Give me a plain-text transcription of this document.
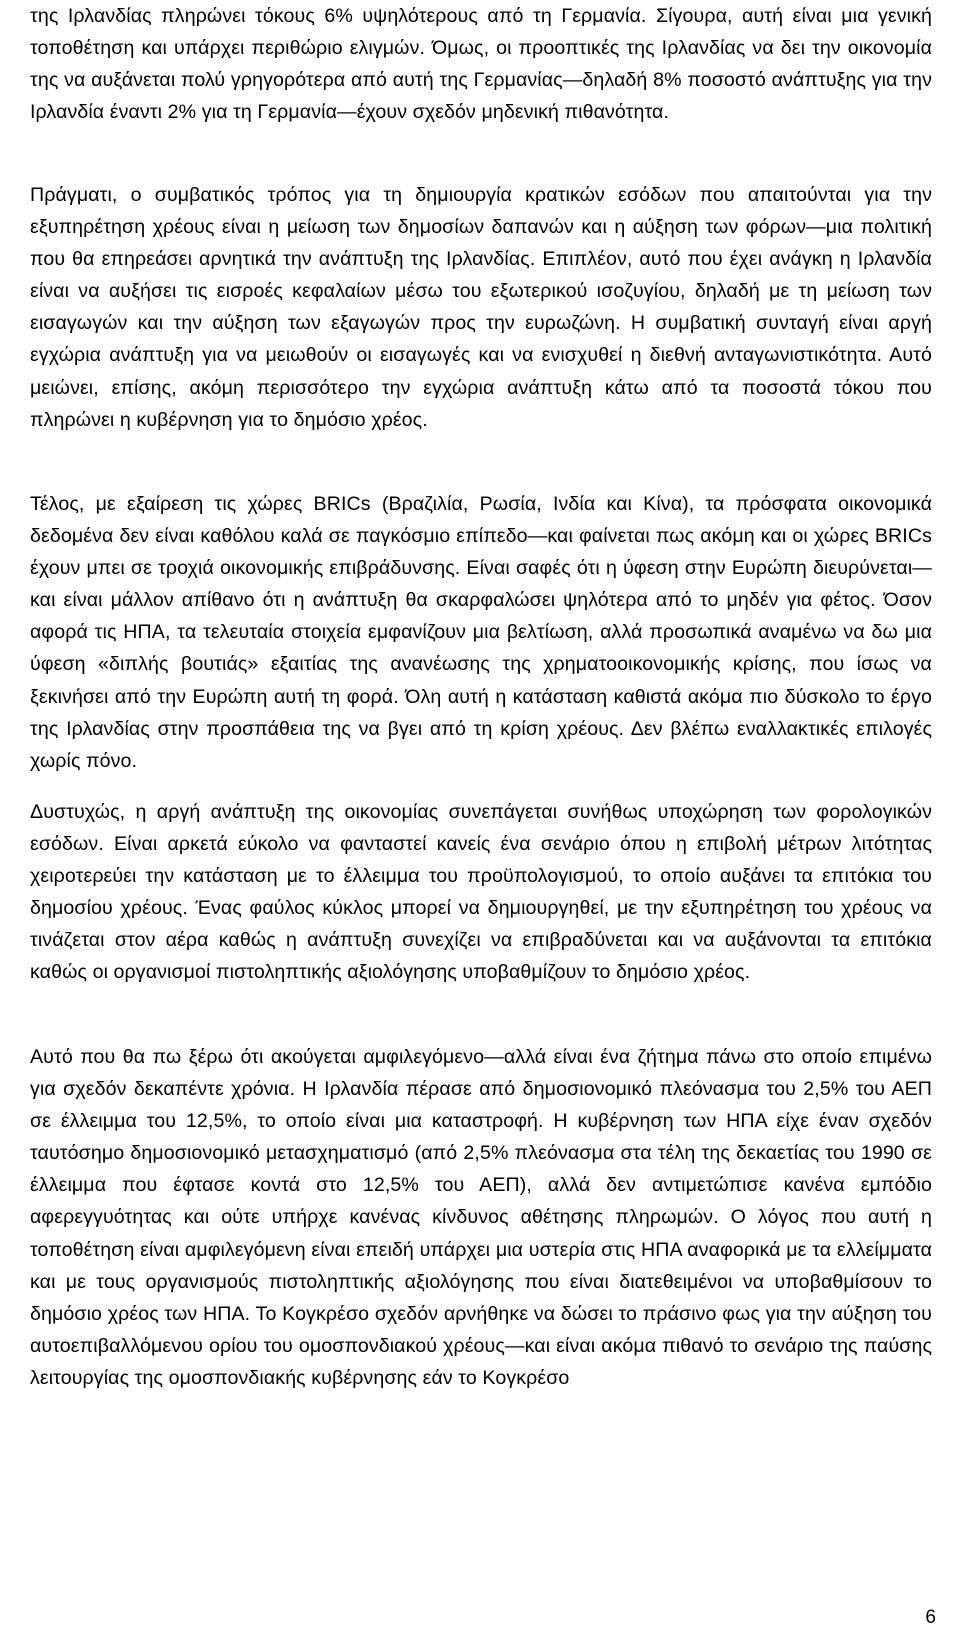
της Ιρλανδίας πληρώνει τόκους 6% υψηλότερους από τη Γερμανία. Σίγουρα, αυτή είναι μια γενική τοποθέτηση και υπάρχει περιθώριο ελιγμών. Όμως, οι προοπτικές της Ιρλανδίας να δει την οικονομία της να αυξάνεται πολύ γρηγορότερα από αυτή της Γερμανίας—δηλαδή 8% ποσοστό ανάπτυξης για την Ιρλανδία έναντι 2% για τη Γερμανία—έχουν σχεδόν μηδενική πιθανότητα.

Πράγματι, ο συμβατικός τρόπος για τη δημιουργία κρατικών εσόδων που απαιτούνται για την εξυπηρέτηση χρέους είναι η μείωση των δημοσίων δαπανών και η αύξηση των φόρων—μια πολιτική που θα επηρεάσει αρνητικά την ανάπτυξη της Ιρλανδίας. Επιπλέον, αυτό που έχει ανάγκη η Ιρλανδία είναι να αυξήσει τις εισροές κεφαλαίων μέσω του εξωτερικού ισοζυγίου, δηλαδή με τη μείωση των εισαγωγών και την αύξηση των εξαγωγών προς την ευρωζώνη. Η συμβατική συνταγή είναι αργή εγχώρια ανάπτυξη για να μειωθούν οι εισαγωγές και να ενισχυθεί η διεθνή ανταγωνιστικότητα. Αυτό μειώνει, επίσης, ακόμη περισσότερο την εγχώρια ανάπτυξη κάτω από τα ποσοστά τόκου που πληρώνει η κυβέρνηση για το δημόσιο χρέος.

Τέλος, με εξαίρεση τις χώρες BRICs (Βραζιλία, Ρωσία, Ινδία και Κίνα), τα πρόσφατα οικονομικά δεδομένα δεν είναι καθόλου καλά σε παγκόσμιο επίπεδο—και φαίνεται πως ακόμη και οι χώρες BRICs έχουν μπει σε τροχιά οικονομικής επιβράδυνσης. Είναι σαφές ότι η ύφεση στην Ευρώπη διευρύνεται—και είναι μάλλον απίθανο ότι η ανάπτυξη θα σκαρφαλώσει ψηλότερα από το μηδέν για φέτος. Όσον αφορά τις ΗΠΑ, τα τελευταία στοιχεία εμφανίζουν μια βελτίωση, αλλά προσωπικά αναμένω να δω μια ύφεση «διπλής βουτιάς» εξαιτίας της ανανέωσης της χρηματοοικονομικής κρίσης, που ίσως να ξεκινήσει από την Ευρώπη αυτή τη φορά. Όλη αυτή η κατάσταση καθιστά ακόμα πιο δύσκολο το έργο της Ιρλανδίας στην προσπάθεια της να βγει από τη κρίση χρέους. Δεν βλέπω εναλλακτικές επιλογές χωρίς πόνο.

Δυστυχώς, η αργή ανάπτυξη της οικονομίας συνεπάγεται συνήθως υποχώρηση των φορολογικών εσόδων. Είναι αρκετά εύκολο να φανταστεί κανείς ένα σενάριο όπου η επιβολή μέτρων λιτότητας χειροτερεύει την κατάσταση με το έλλειμμα του προϋπολογισμού, το οποίο αυξάνει τα επιτόκια του δημοσίου χρέους. Ένας φαύλος κύκλος μπορεί να δημιουργηθεί, με την εξυπηρέτηση του χρέους να τινάζεται στον αέρα καθώς η ανάπτυξη συνεχίζει να επιβραδύνεται και να αυξάνονται τα επιτόκια καθώς οι οργανισμοί πιστοληπτικής αξιολόγησης υποβαθμίζουν το δημόσιο χρέος.

Αυτό που θα πω ξέρω ότι ακούγεται αμφιλεγόμενο—αλλά είναι ένα ζήτημα πάνω στο οποίο επιμένω για σχεδόν δεκαπέντε χρόνια. Η Ιρλανδία πέρασε από δημοσιονομικό πλεόνασμα του 2,5% του ΑΕΠ σε έλλειμμα του 12,5%, το οποίο είναι μια καταστροφή. Η κυβέρνηση των ΗΠΑ είχε έναν σχεδόν ταυτόσημο δημοσιονομικό μετασχηματισμό (από 2,5% πλεόνασμα στα τέλη της δεκαετίας του 1990 σε έλλειμμα που έφτασε κοντά στο 12,5% του ΑΕΠ), αλλά δεν αντιμετώπισε κανένα εμπόδιο αφερεγγυότητας και ούτε υπήρχε κανένας κίνδυνος αθέτησης πληρωμών. Ο λόγος που αυτή η τοποθέτηση είναι αμφιλεγόμενη είναι επειδή υπάρχει μια υστερία στις ΗΠΑ αναφορικά με τα ελλείμματα και με τους οργανισμούς πιστοληπτικής αξιολόγησης που είναι διατεθειμένοι να υποβαθμίσουν το δημόσιο χρέος των ΗΠΑ. Το Κογκρέσο σχεδόν αρνήθηκε να δώσει το πράσινο φως για την αύξηση του αυτοεπιβαλλόμενου ορίου του ομοσπονδιακού χρέους—και είναι ακόμα πιθανό το σενάριο της παύσης λειτουργίας της ομοσπονδιακής κυβέρνησης εάν το Κογκρέσο

6
